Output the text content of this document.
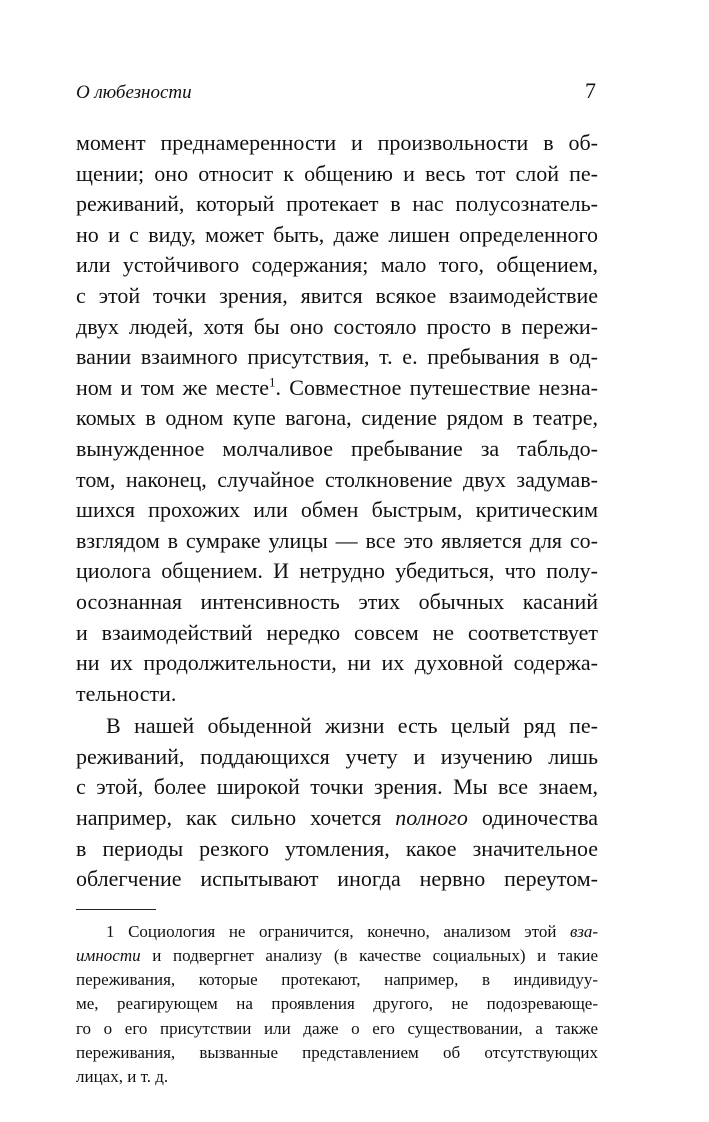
О любезности	7

момент преднамеренности и произвольности в об-
щении; оно относит к общению и весь тот слой пе-
реживаний, который протекает в нас полусознатель-
но и с виду, может быть, даже лишен определенного
или устойчивого содержания; мало того, общением,
с этой точки зрения, явится всякое взаимодействие
двух людей, хотя бы оно состояло просто в пережи-
вании взаимного присутствия, т. е. пребывания в од-
ном и том же месте$^1$. Совместное путешествие незна-
комых в одном купе вагона, сидение рядом в театре,
вынужденное молчаливое пребывание за табльдо-
том, наконец, случайное столкновение двух задумав-
шихся прохожих или обмен быстрым, критическим
взглядом в сумраке улицы — все это является для со-
циолога общением. И нетрудно убедиться, что полу-
осознанная интенсивность этих обычных касаний
и взаимодействий нередко совсем не соответствует
ни их продолжительности, ни их духовной содержа-
тельности.

В нашей обыденной жизни есть целый ряд пе-
реживаний, поддающихся учету и изучению лишь
с этой, более широкой точки зрения. Мы все знаем,
например, как сильно хочется полного одиночества
в периоды резкого утомления, какое значительное
облегчение испытывают иногда нервно переутом-

1 Социология не ограничится, конечно, анализом этой вза-
имности и подвергнет анализу (в качестве социальных) и такие
переживания, которые протекают, например, в индивидуу-
ме, реагирующем на проявления другого, не подозревающе-
го о его присутствии или даже о его существовании, а также
переживания, вызванные представлением об отсутствующих
лицах, и т. д.
